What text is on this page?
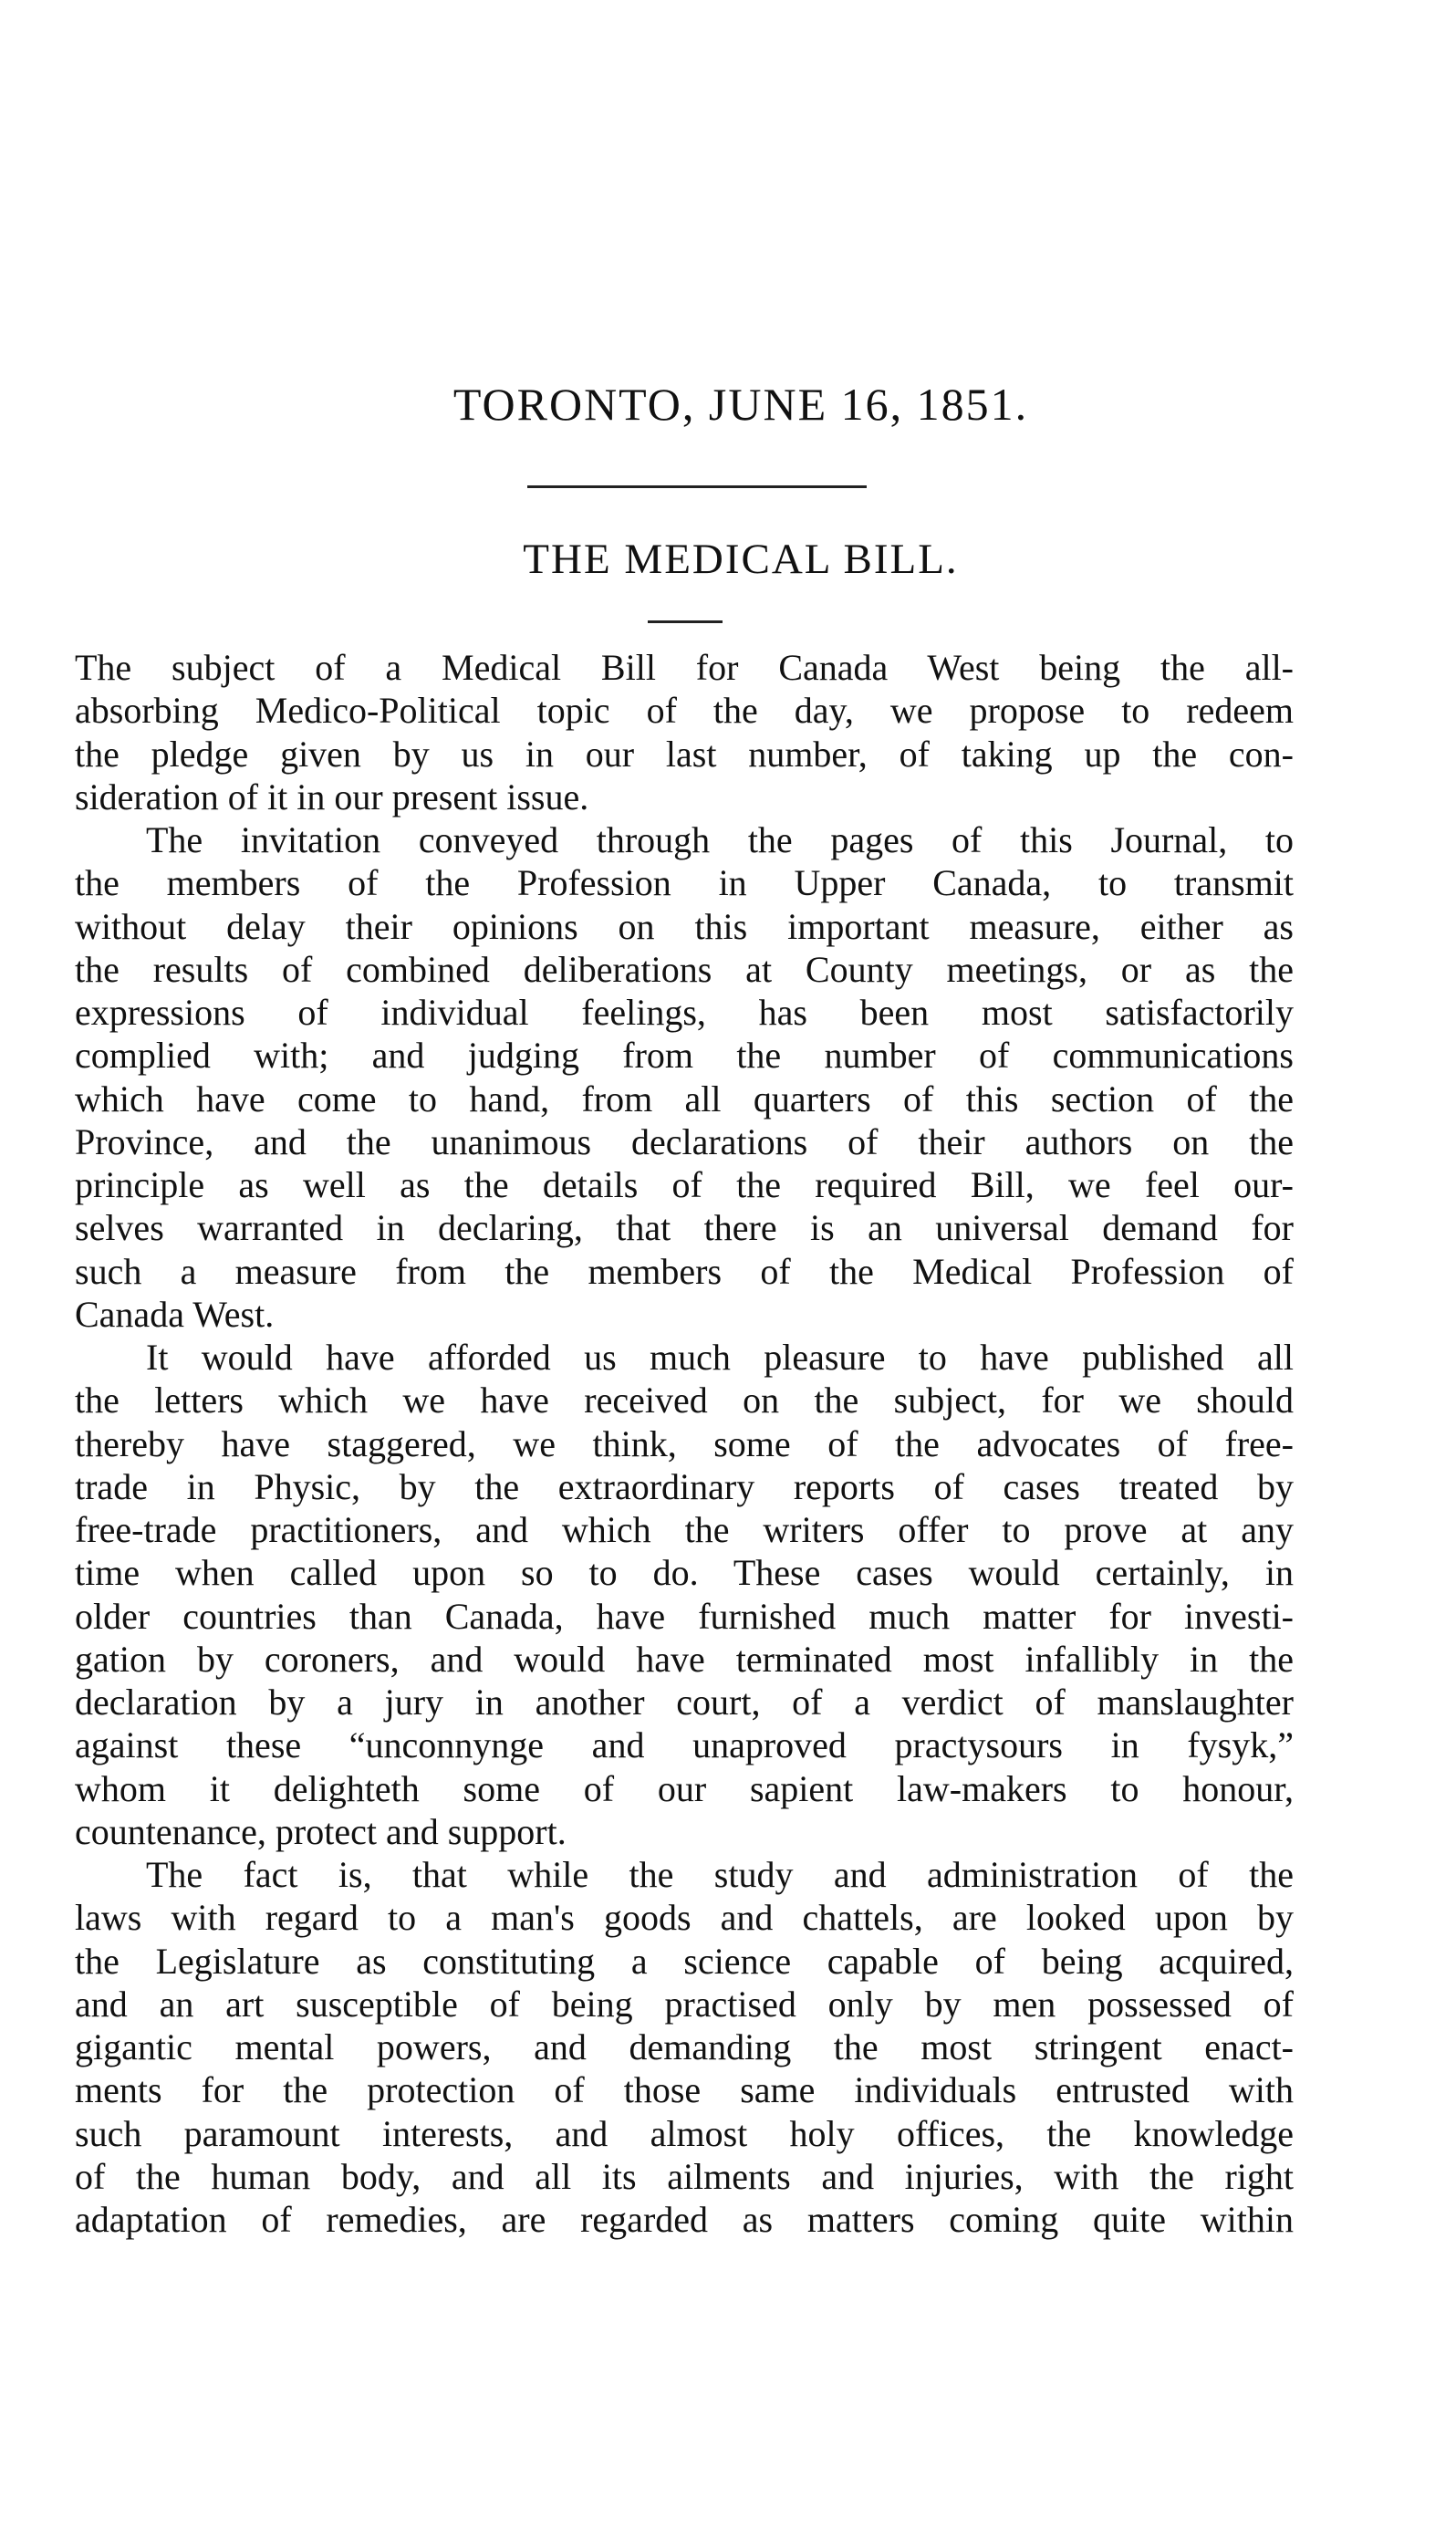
TORONTO, JUNE 16, 1851.
THE MEDICAL BILL.
The subject of a Medical Bill for Canada West being the all-
absorbing Medico-Political topic of the day, we propose to redeem
the pledge given by us in our last number, of taking up the con-
sideration of it in our present issue.
The invitation conveyed through the pages of this Journal, to
the members of the Profession in Upper Canada, to transmit
without delay their opinions on this important measure, either as
the results of combined deliberations at County meetings, or as the
expressions of individual feelings, has been most satisfactorily
complied with; and judging from the number of communications
which have come to hand, from all quarters of this section of the
Province, and the unanimous declarations of their authors on the
principle as well as the details of the required Bill, we feel our-
selves warranted in declaring, that there is an universal demand for
such a measure from the members of the Medical Profession of
Canada West.
It would have afforded us much pleasure to have published all
the letters which we have received on the subject, for we should
thereby have staggered, we think, some of the advocates of free-
trade in Physic, by the extraordinary reports of cases treated by
free-trade practitioners, and which the writers offer to prove at any
time when called upon so to do. These cases would certainly, in
older countries than Canada, have furnished much matter for investi-
gation by coroners, and would have terminated most infallibly in the
declaration by a jury in another court, of a verdict of manslaughter
against these “unconnynge and unaproved practysours in fysyk,”
whom it delighteth some of our sapient law-makers to honour,
countenance, protect and support.
The fact is, that while the study and administration of the
laws with regard to a man's goods and chattels, are looked upon by
the Legislature as constituting a science capable of being acquired,
and an art susceptible of being practised only by men possessed of
gigantic mental powers, and demanding the most stringent enact-
ments for the protection of those same individuals entrusted with
such paramount interests, and almost holy offices, the knowledge
of the human body, and all its ailments and injuries, with the right
adaptation of remedies, are regarded as matters coming quite within
